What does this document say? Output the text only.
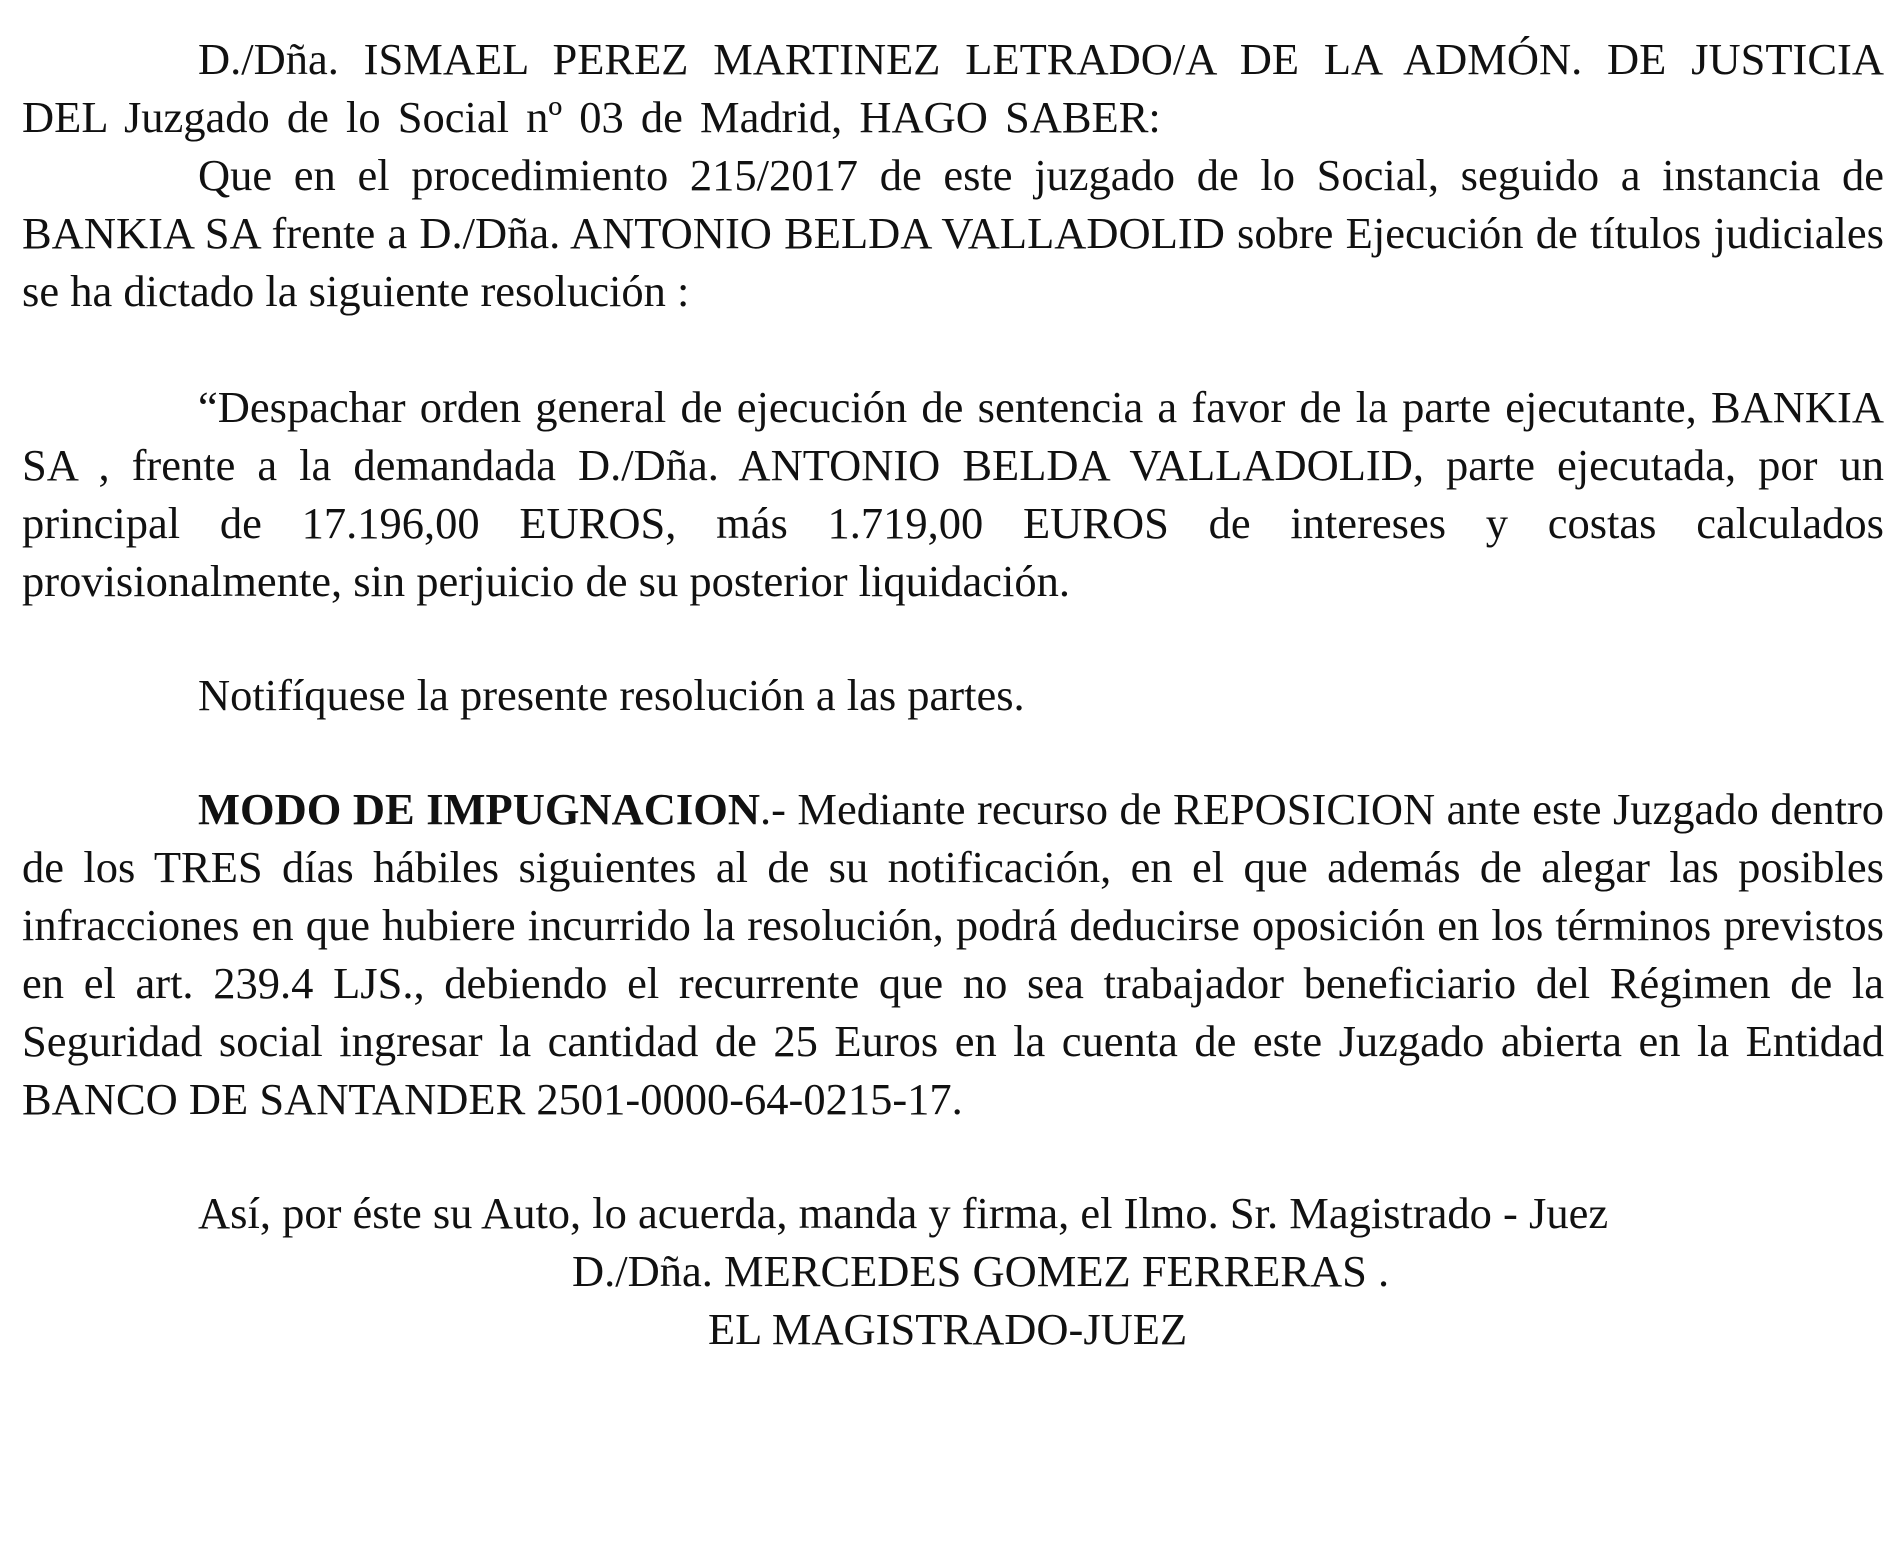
D./Dña. ISMAEL PEREZ MARTINEZ LETRADO/A DE LA ADMÓN. DE JUSTICIA DEL Juzgado de lo Social nº 03 de Madrid, HAGO SABER:

Que en el procedimiento 215/2017 de este juzgado de lo Social, seguido a instancia de BANKIA SA frente a D./Dña. ANTONIO BELDA VALLADOLID sobre Ejecución de títulos judiciales se ha dictado la siguiente resolución :

“Despachar orden general de ejecución de sentencia a favor de la parte ejecutante, BANKIA SA , frente a la demandada D./Dña. ANTONIO BELDA VALLADOLID, parte ejecutada, por un principal de 17.196,00 EUROS, más 1.719,00 EUROS de intereses y costas calculados provisionalmente, sin perjuicio de su posterior liquidación.

Notifíquese la presente resolución a las partes.

MODO DE IMPUGNACION.- Mediante recurso de REPOSICION ante este Juzgado dentro de los TRES días hábiles siguientes al de su notificación, en el que además de alegar las posibles infracciones en que hubiere incurrido la resolución, podrá deducirse oposición en los términos previstos en el art. 239.4 LJS., debiendo el recurrente que no sea trabajador beneficiario del Régimen de la Seguridad social ingresar la cantidad de 25 Euros en la cuenta de este Juzgado abierta en la Entidad BANCO DE SANTANDER 2501-0000-64-0215-17.

Así, por éste su Auto, lo acuerda, manda y firma, el Ilmo. Sr. Magistrado - Juez

D./Dña. MERCEDES GOMEZ FERRERAS .

EL MAGISTRADO-JUEZ
